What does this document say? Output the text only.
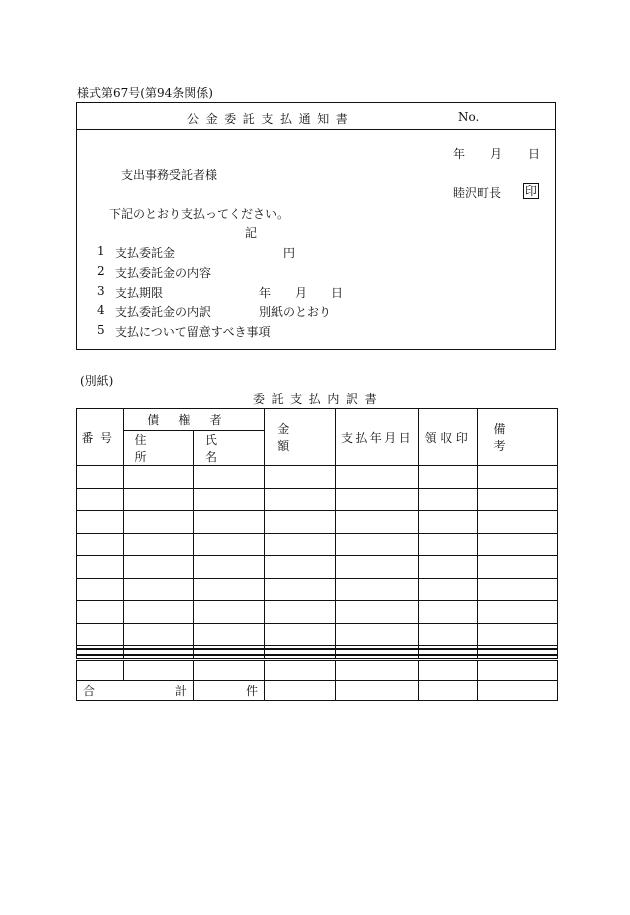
様式第67号(第94条関係)
公金委託支払通知書	No.
年 月 日
支出事務受託者様
睦沢町長 印
下記のとおり支払ってください。
記
1 支払委託金	円
2 支払委託金の内容
3 支払期限	年　　月　　日
4 支払委託金の内訳	別紙のとおり
5 支払について留意すべき事項
(別紙)
委託支払内訳書
番号	債権者		金額	支払年月日	領収印	備考
	住所	氏名				

合 計		件				
